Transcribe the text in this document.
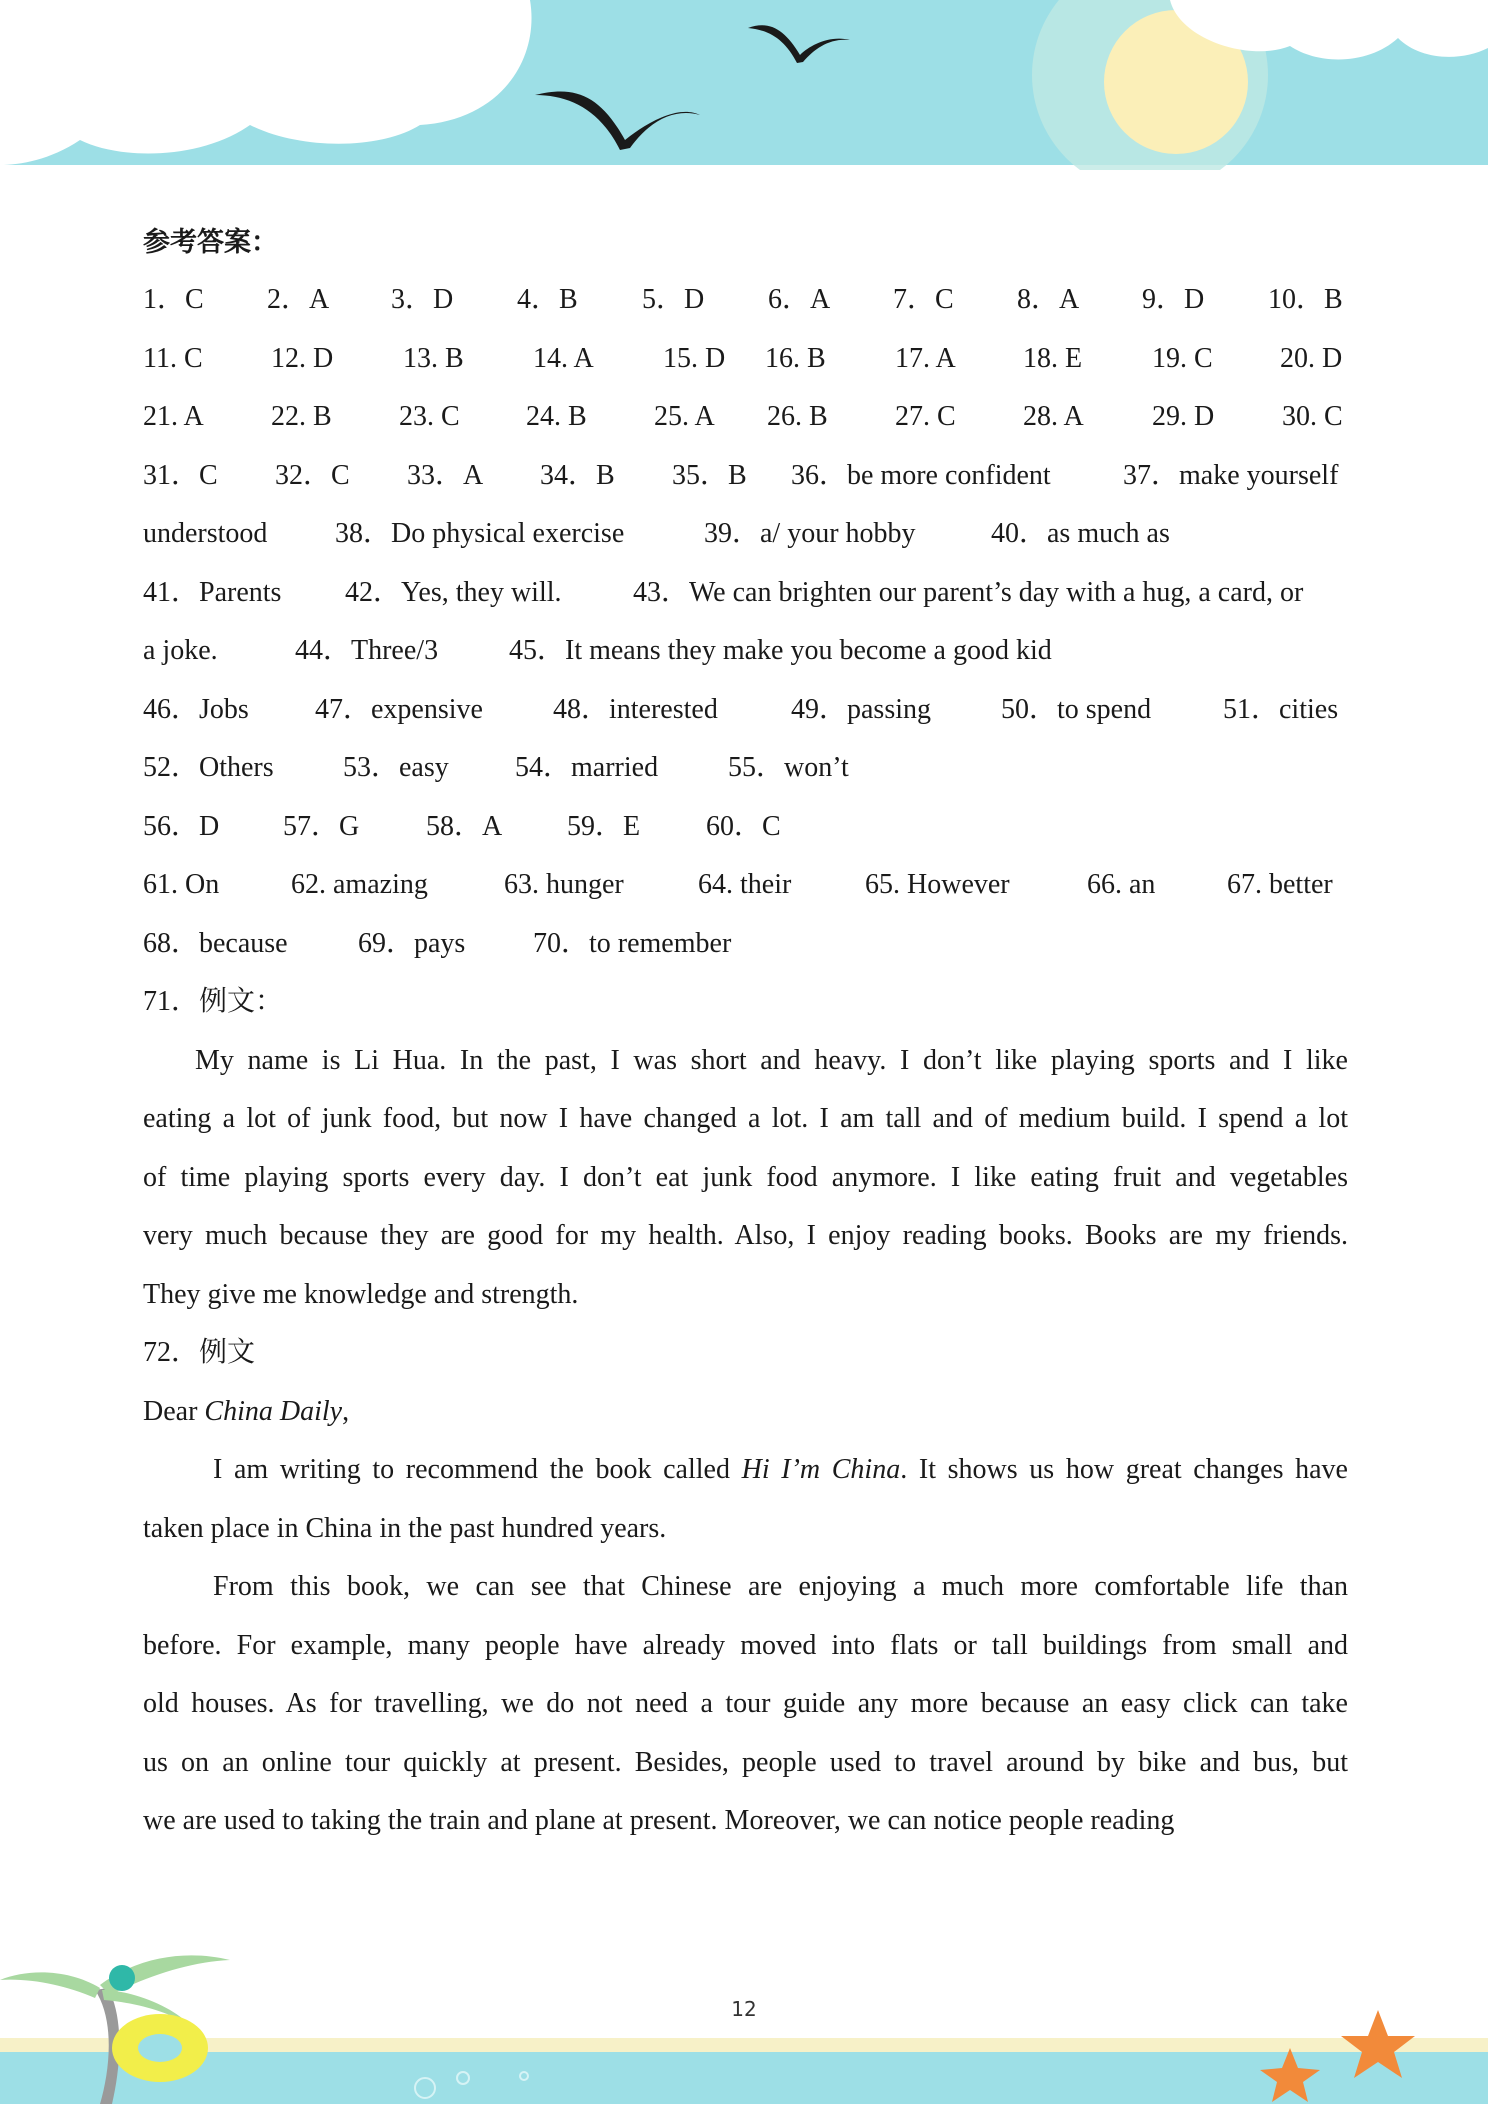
参考答案：
1．C 2．A 3．D 4．B 5．D 6．A 7．C 8．A 9．D 10．B
11. C 12. D 13. B 14. A 15. D 16. B 17. A 18. E 19. C 20. D
21. A 22. B 23. C 24. B 25. A 26. B 27. C 28. A 29. D 30. C
31．C 32．C 33．A 34．B 35．B 36．be more confident	37．make yourself
understood 38．Do physical exercise	39．a/ your hobby	40．as much as
41．Parents 42．Yes, they will.	43．We can brighten our parent’s day with a hug, a card, or
a joke.	44．Three/3	45．It means they make you become a good kid
46．Jobs 47．expensive	48．interested	49．passing 50．to spend	51．cities
52．Others 53．easy 54．married 55．won’t
56．D 57．G 58．A 59．E 60．C
61. On	62. amazing	63. hunger	64. their	65. However	66. an	67. better
68．because	69．pays 70．to remember
71．例文：
My name is Li Hua. In the past, I was short and heavy. I don’t like playing sports and I like
eating a lot of junk food, but now I have changed a lot. I am tall and of medium build. I spend a lot
of time playing sports every day. I don’t eat junk food anymore. I like eating fruit and vegetables
very much because they are good for my health. Also, I enjoy reading books. Books are my friends.
They give me knowledge and strength.
72．例文
Dear China Daily,
I am writing to recommend the book called Hi I’m China. It shows us how great changes have
taken place in China in the past hundred years.
From this book, we can see that Chinese are enjoying a much more comfortable life than
before. For example, many people have already moved into flats or tall buildings from small and
old houses. As for travelling, we do not need a tour guide any more because an easy click can take
us on an online tour quickly at present. Besides, people used to travel around by bike and bus, but
we are used to taking the train and plane at present. Moreover, we can notice people reading
12
